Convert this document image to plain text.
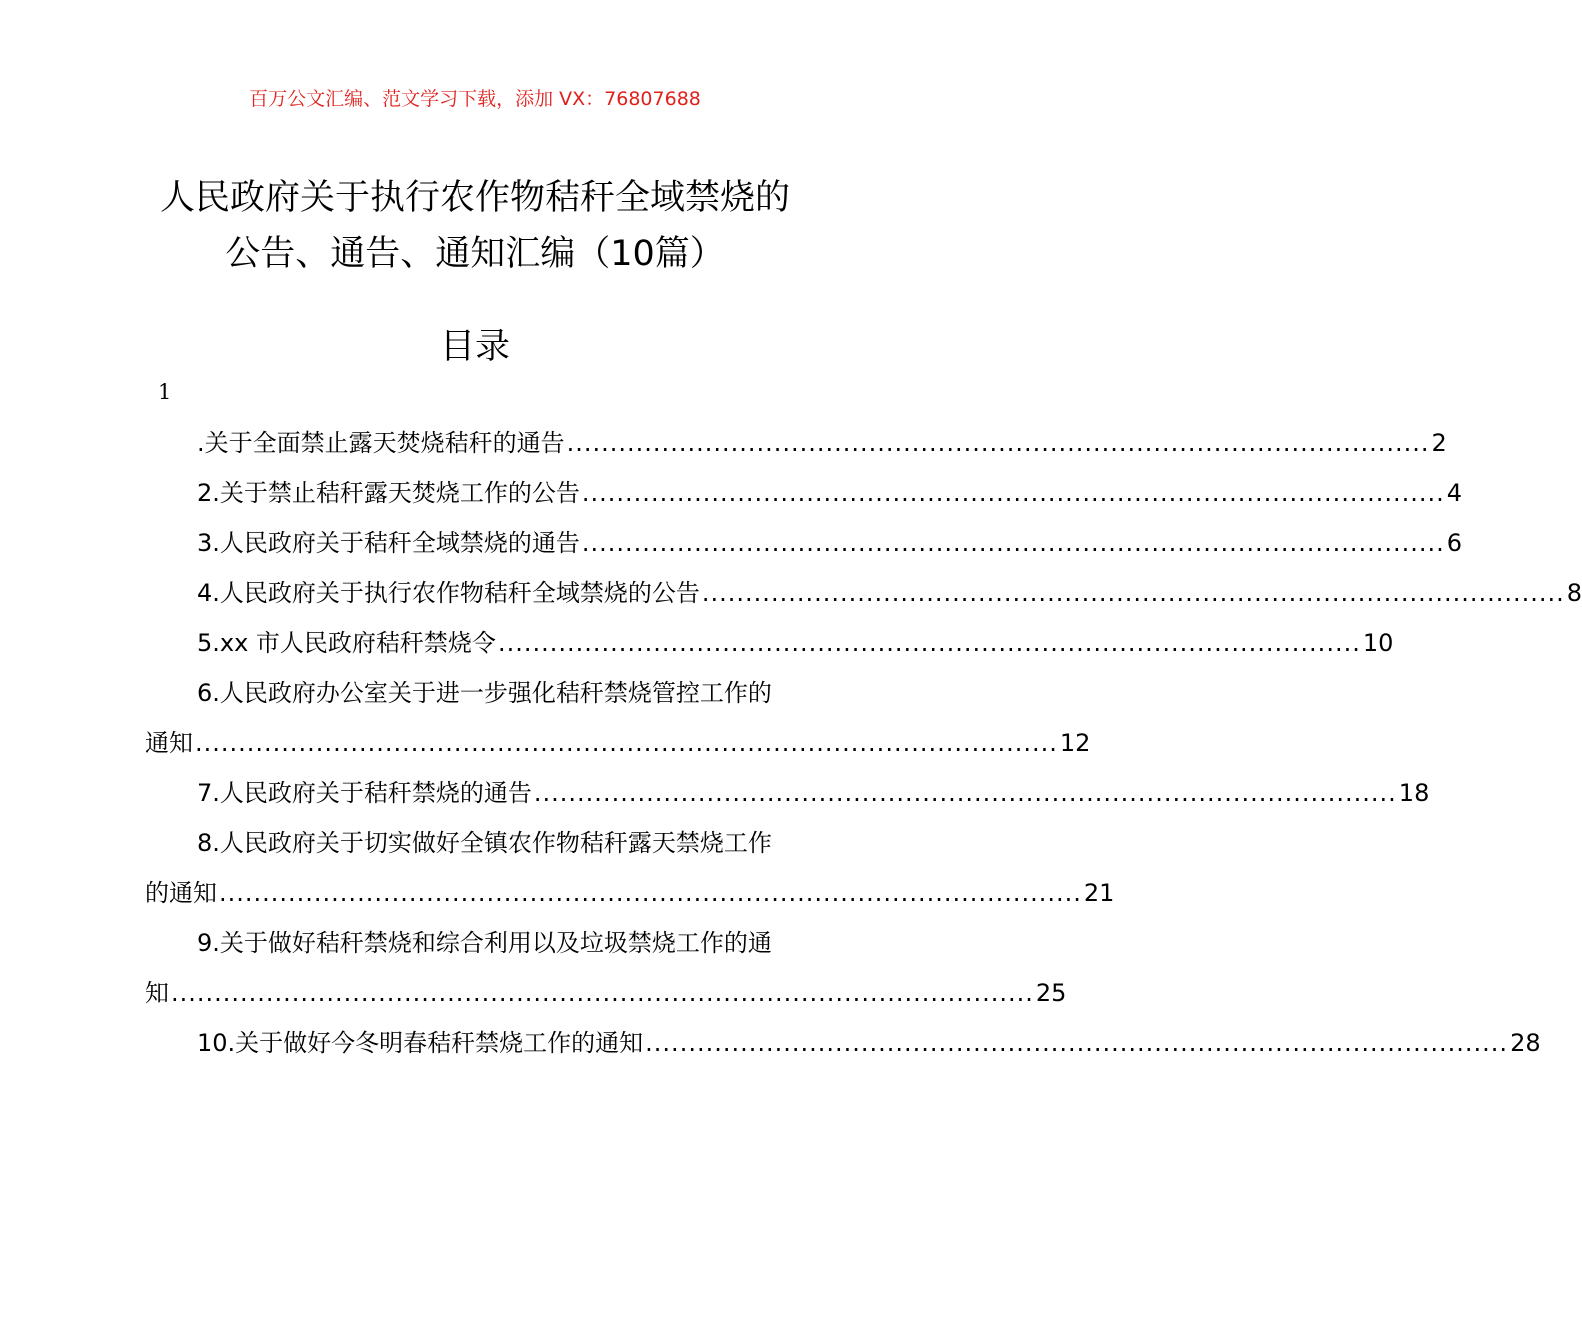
百万公文汇编、范文学习下载，添加 VX：76807688
人民政府关于执行农作物秸秆全域禁烧的
公告、通告、通知汇编（10篇）
目录
1
.关于全面禁止露天焚烧秸秆的通告 .................................................................................................... 2
2.关于禁止秸秆露天焚烧工作的公告 .................................................................................................... 4
3.人民政府关于秸秆全域禁烧的通告 .................................................................................................... 6
4.人民政府关于执行农作物秸秆全域禁烧的公告 .................................................................................................... 8
5.xx 市人民政府秸秆禁烧令 .................................................................................................... 10
6.人民政府办公室关于进一步强化秸秆禁烧管控工作的
通知 .................................................................................................... 12
7.人民政府关于秸秆禁烧的通告 .................................................................................................... 18
8.人民政府关于切实做好全镇农作物秸秆露天禁烧工作
的通知 .................................................................................................... 21
9.关于做好秸秆禁烧和综合利用以及垃圾禁烧工作的通
知 .................................................................................................... 25
10.关于做好今冬明春秸秆禁烧工作的通知 .................................................................................................... 28
